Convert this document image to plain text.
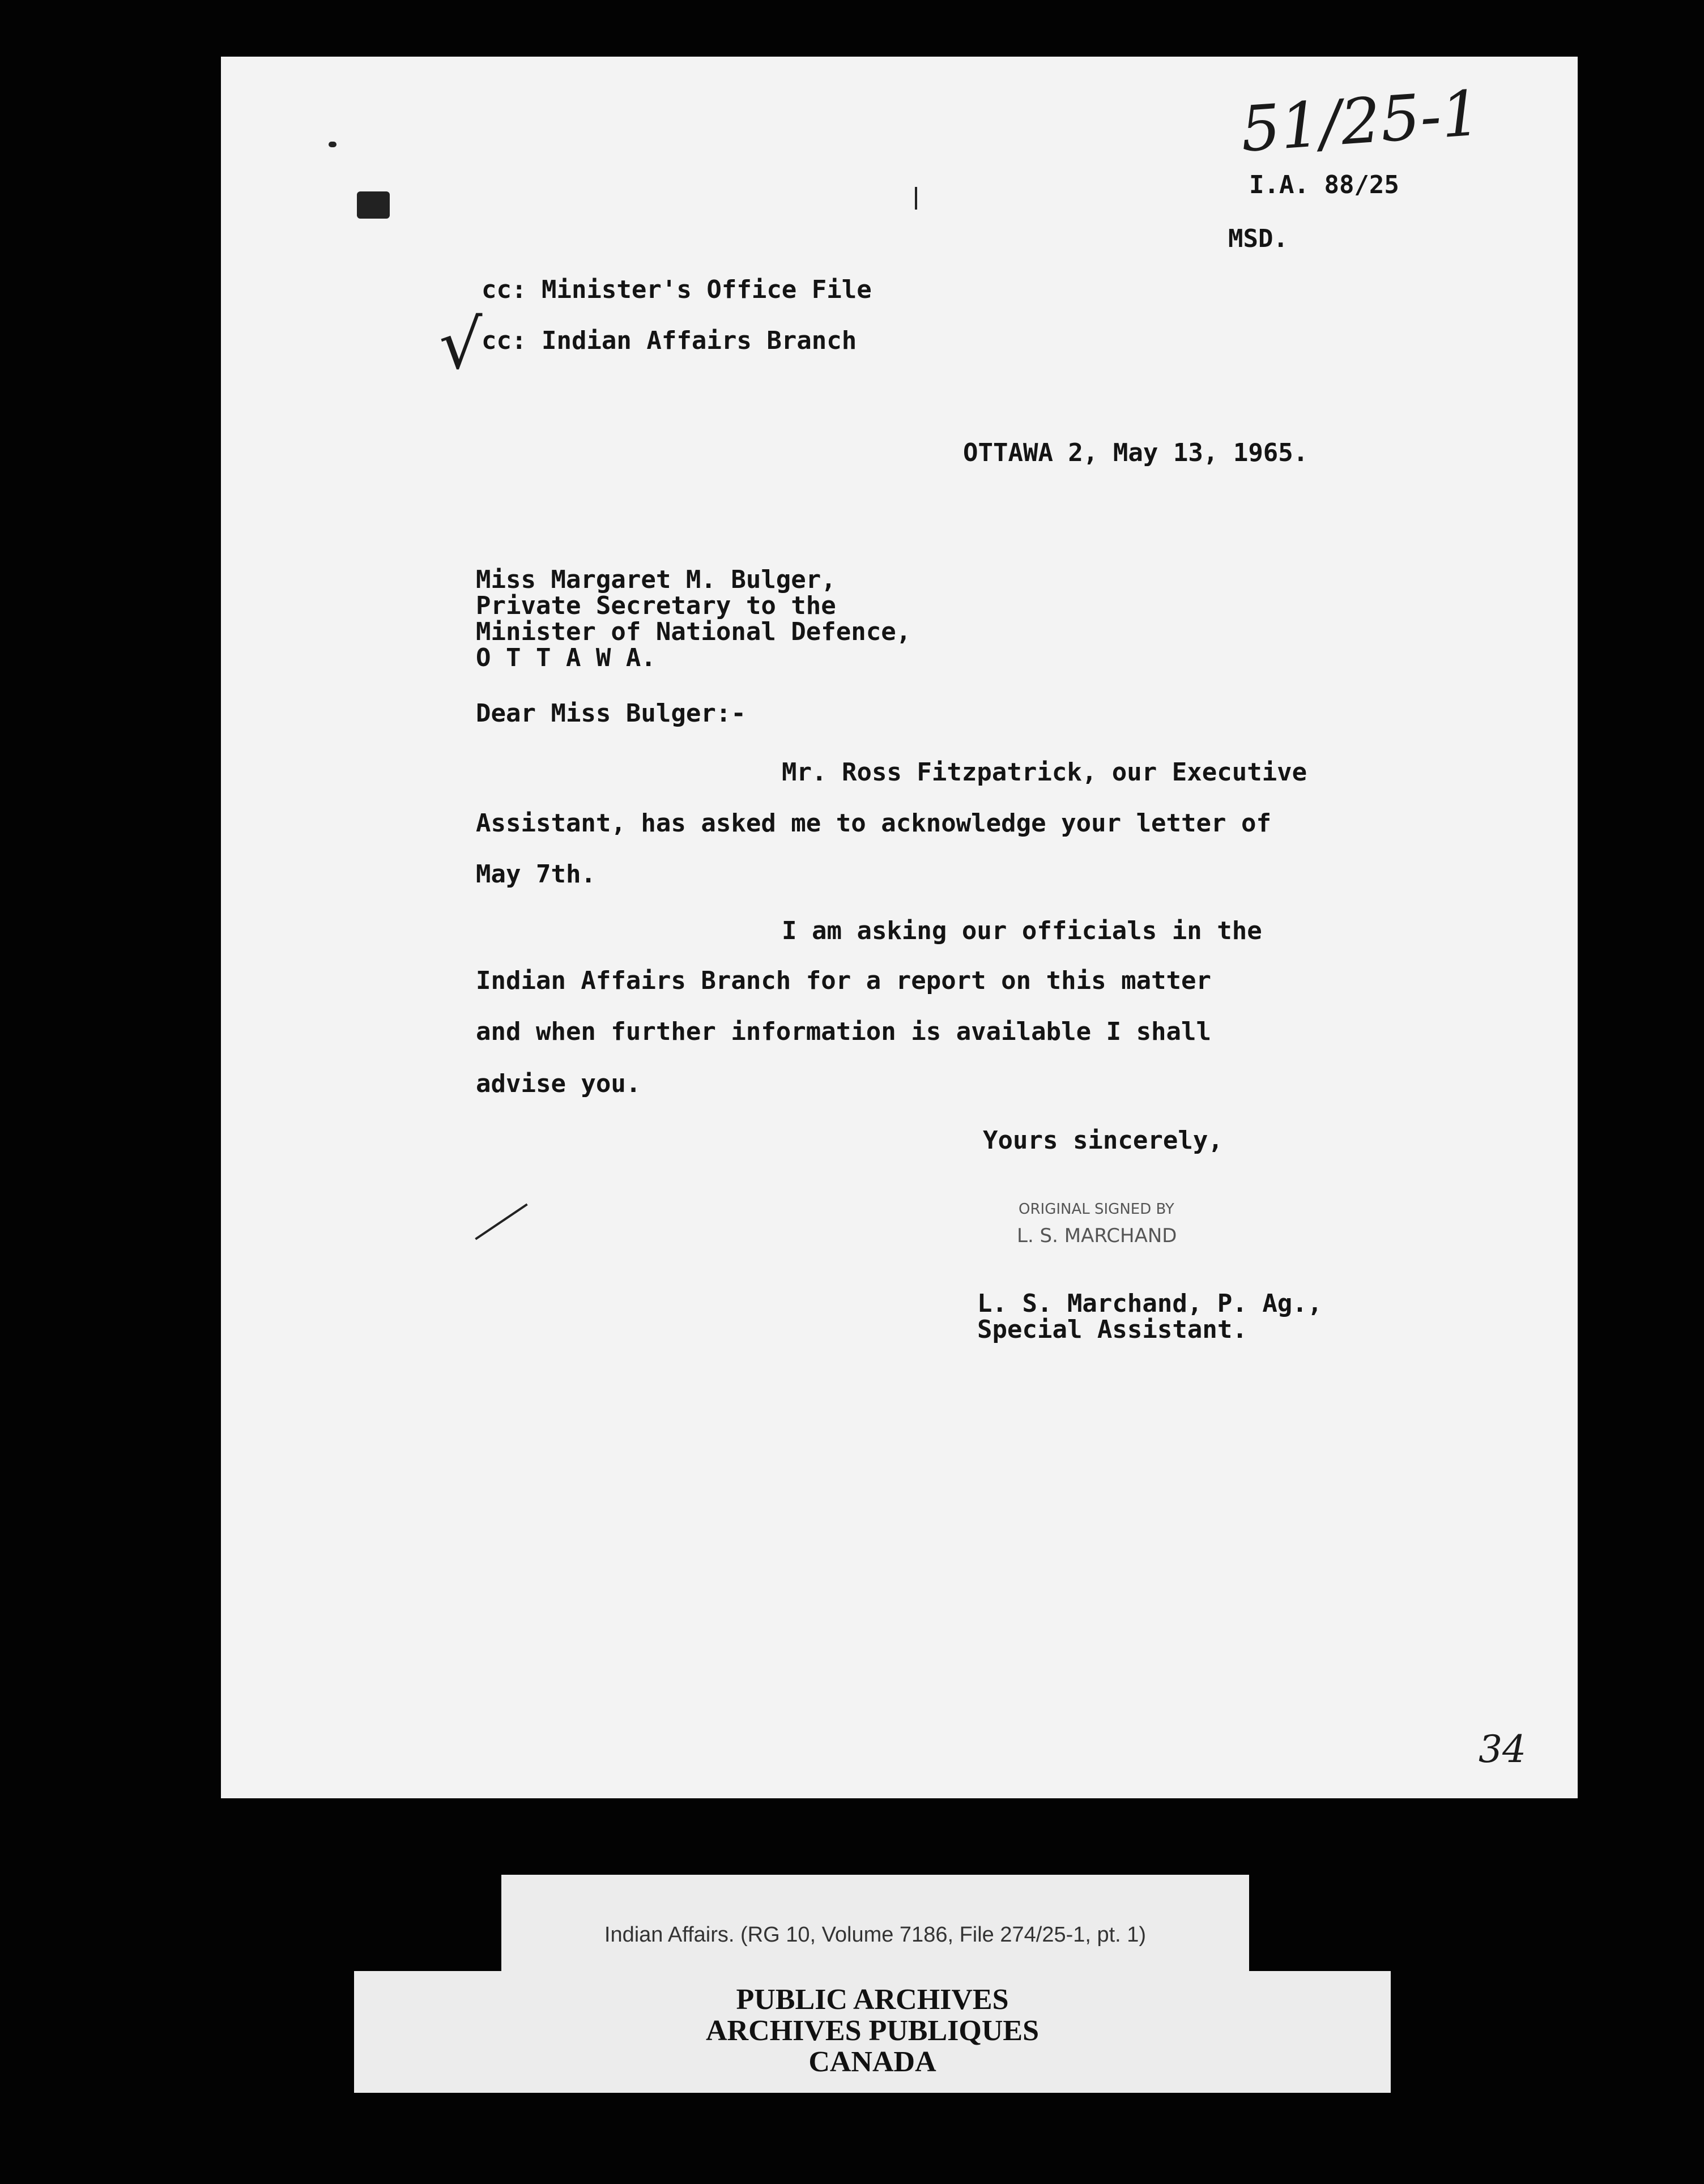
51/25-1

√

34

I.A. 88/25

MSD.

cc: Minister's Office File

cc: Indian Affairs Branch

OTTAWA 2, May 13, 1965.

Miss Margaret M. Bulger,

Private Secretary to the

Minister of National Defence,

O T T A W A.

Dear Miss Bulger:-

Mr. Ross Fitzpatrick, our Executive

Assistant, has asked me to acknowledge your letter of

May 7th.

I am asking our officials in the

Indian Affairs Branch for a report on this matter

and when further information is available I shall

advise you.

Yours sincerely,

ORIGINAL SIGNED BY

L. S. MARCHAND

L. S. Marchand, P. Ag.,

Special Assistant.

Indian Affairs. (RG 10, Volume 7186, File 274/25-1, pt. 1)

PUBLIC ARCHIVES

ARCHIVES PUBLIQUES

CANADA
